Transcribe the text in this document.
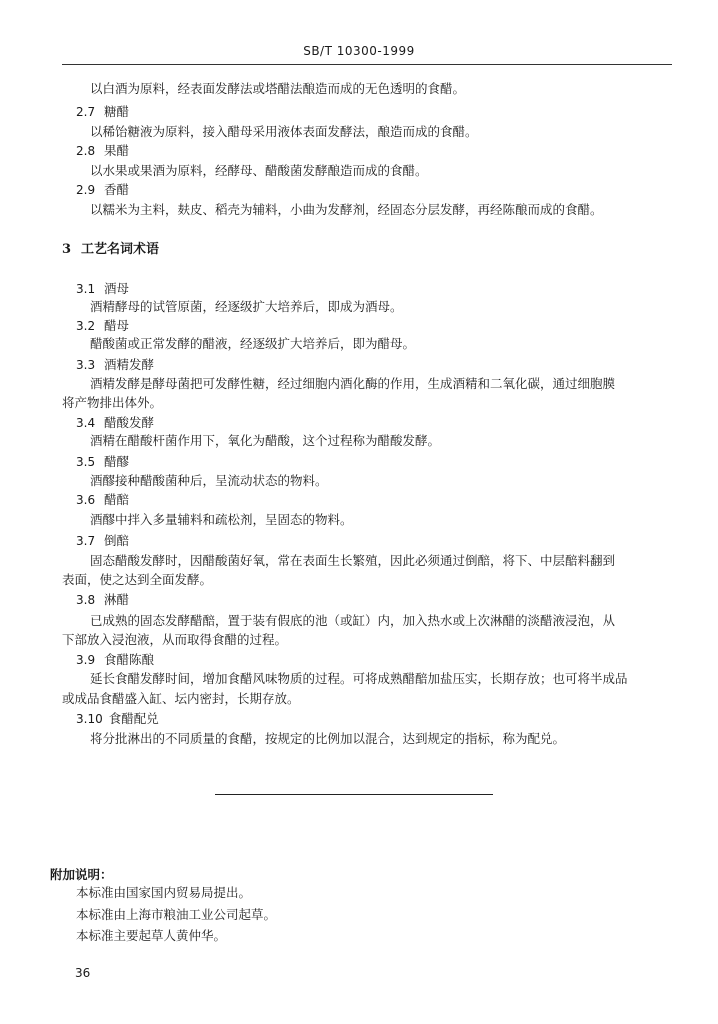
SB/T 10300-1999
以白酒为原料，经表面发酵法或塔醋法酿造而成的无色透明的食醋。
2.7 糖醋
以稀饴糖液为原料，接入醋母采用液体表面发酵法，酿造而成的食醋。
2.8 果醋
以水果或果酒为原料，经酵母、醋酸菌发酵酿造而成的食醋。
2.9 香醋
以糯米为主料，麸皮、稻壳为辅料，小曲为发酵剂，经固态分层发酵，再经陈酿而成的食醋。
3 工艺名词术语
3.1 酒母
酒精酵母的试管原菌，经逐级扩大培养后，即成为酒母。
3.2 醋母
醋酸菌或正常发酵的醋液，经逐级扩大培养后，即为醋母。
3.3 酒精发酵
酒精发酵是酵母菌把可发酵性糖，经过细胞内酒化酶的作用，生成酒精和二氧化碳，通过细胞膜
将产物排出体外。
3.4 醋酸发酵
酒精在醋酸杆菌作用下，氧化为醋酸，这个过程称为醋酸发酵。
3.5 醋醪
酒醪接种醋酸菌种后，呈流动状态的物料。
3.6 醋醅
酒醪中拌入多量辅料和疏松剂，呈固态的物料。
3.7 倒醅
固态醋酸发酵时，因醋酸菌好氧，常在表面生长繁殖，因此必须通过倒醅，将下、中层醅料翻到
表面，使之达到全面发酵。
3.8 淋醋
已成熟的固态发酵醋醅，置于装有假底的池（或缸）内，加入热水或上次淋醋的淡醋液浸泡，从
下部放入浸泡液，从而取得食醋的过程。
3.9 食醋陈酿
延长食醋发酵时间，增加食醋风味物质的过程。可将成熟醋醅加盐压实，长期存放；也可将半成品
或成品食醋盛入缸、坛内密封，长期存放。
3.10 食醋配兑
将分批淋出的不同质量的食醋，按规定的比例加以混合，达到规定的指标，称为配兑。
附加说明：
本标准由国家国内贸易局提出。
本标准由上海市粮油工业公司起草。
本标准主要起草人黄仲华。
36
